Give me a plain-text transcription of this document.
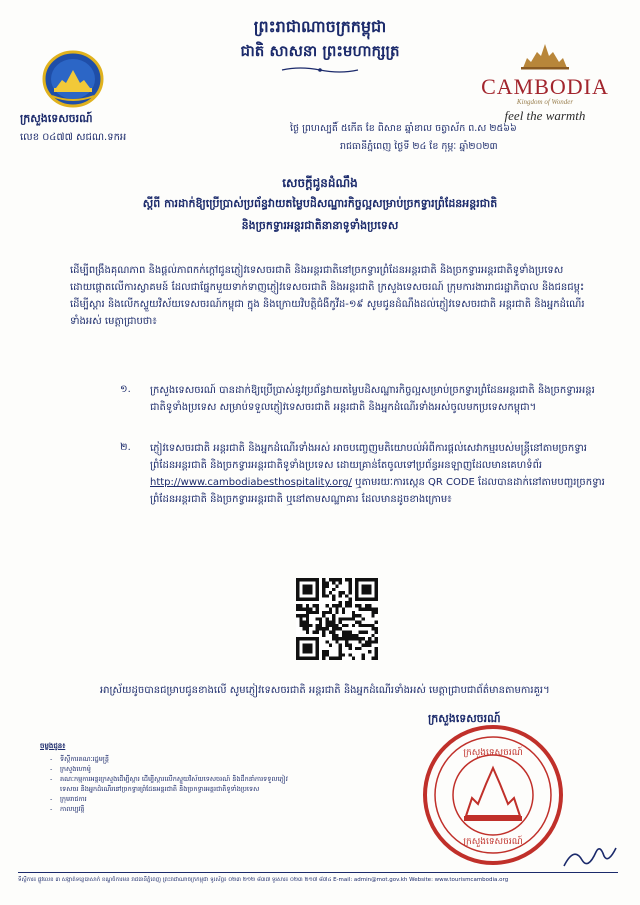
ក្រសួងទេសចរណ៍
លេខ ០៤៧៧ សជណ.ទកអ
ព្រះរាជាណាចក្រកម្ពុជា
ជាតិ សាសនា ព្រះមហាក្សត្រ
CAMBODIA
Kingdom of Wonder
feel the warmth
ថ្ងៃ ព្រហស្បតិ៍ ៥កើត ខែ ពិសាខ ឆ្នាំខាល ចត្វាស័ក ព.ស ២៥៦៦
រាជធានីភ្នំពេញ ថ្ងៃទី ២៤ ខែ កុម្ភៈ ឆ្នាំ២០២៣
សេចក្តីជូនដំណឹង
ស្តីពី ការដាក់ឱ្យប្រើប្រាស់ប្រព័ន្ធវាយតម្លៃបដិសណ្ឋារកិច្ចល្អសម្រាប់ច្រកទ្វារព្រំដែនអន្តរជាតិ
និងច្រកទ្វារអន្តរជាតិនានាទូទាំងប្រទេស
ដើម្បីពង្រឹងគុណភាព និងផ្តល់ភាពកក់ក្តៅជូនភ្ញៀវទេសចរជាតិ និងអន្តរជាតិនៅច្រកទ្វារព្រំដែនអន្តរជាតិ និងច្រកទ្វារអន្តរជាតិទូទាំងប្រទេស ដោយផ្តោតលើការស្វាគមន៍ ដែលជាផ្នែកមួយទាក់ទាញភ្ញៀវទេសចរជាតិ និងអន្តរជាតិ ក្រសួងទេសចរណ៍ ក្រុមការងាររាជរដ្ឋាភិបាល និងជនជម្ពុះដើម្បីស្តារ និងលើកស្ទួយវិស័យទេសចរណ៍កម្ពុជា ក្នុង និងក្រោយវិបត្តិជំងឺកូវីដ-១៩ សូមជូនដំណឹងដល់ភ្ញៀវទេសចរជាតិ អន្តរជាតិ និងអ្នកដំណើរទាំងអស់ មេត្តាជ្រាបថា៖
១. ក្រសួងទេសចរណ៍ បានដាក់ឱ្យប្រើប្រាស់នូវប្រព័ន្ធវាយតម្លៃបដិសណ្ឋារកិច្ចល្អសម្រាប់ច្រកទ្វារព្រំដែនអន្តរជាតិ និងច្រកទ្វារអន្តរជាតិទូទាំងប្រទេស សម្រាប់ទទួលភ្ញៀវទេសចរជាតិ អន្តរជាតិ និងអ្នកដំណើរទាំងអស់ចូលមកប្រទេសកម្ពុជា។
២. ភ្ញៀវទេសចរជាតិ អន្តរជាតិ និងអ្នកដំណើរទាំងអស់ អាចបញ្ចេញមតិយោបល់អំពីការផ្តល់សេវាកម្មរបស់មន្ត្រីនៅតាមច្រកទ្វារព្រំដែនអន្តរជាតិ និងច្រកទ្វារអន្តរជាតិទូទាំងប្រទេស ដោយគ្រាន់តែចូលទៅប្រព័ន្ធអនឡាញដែលមានគេហទំព័រ http://www.cambodiabesthospitality.org/ ឬតាមរយៈការស្កេន QR CODE ដែលបានដាក់នៅតាមបញ្ជរច្រកទ្វារព្រំដែនអន្តរជាតិ និងច្រកទ្វារអន្តរជាតិ ឬនៅតាមសណ្ឋាគារ ដែលមានដូចខាងក្រោម៖
អាស្រ័យដូចបានជម្រាបជូនខាងលើ សូមភ្ញៀវទេសចរជាតិ អន្តរជាតិ និងអ្នកដំណើរទាំងអស់ មេត្តាជ្រាបជាព័ត៌មានតាមការគួរ។
ក្រសួងទេសចរណ៍
ក្រសួងទេសចរណ៍
ក្រសួងទេសចរណ៍
ចម្លងជូន៖
- ទីស្តីការគណៈរដ្ឋមន្ត្រី
- ក្រសួងហោម៉ូ
- គណៈកម្មការអន្តរក្រសួងដើម្បីស្តារ ដើម្បីស្តារលើកស្ទួយវិស័យទេសចរណ៍ និងដឹកនាំការទទួលភ្ញៀវទេសចរ និងអ្នកដំណើរនៅច្រកទ្វារព្រំដែនអន្តរជាតិ និងច្រកទ្វារអន្តរជាតិទូទាំងប្រទេស
- ក្រុមរាជការ
- កាលប្បវត្តិ
ទីស្តីការ៖ ផ្លូវលេខ ៣ សង្កាត់ទន្លេបាសាក់ ខណ្ឌចំការមន រាជធានីភ្នំពេញ ព្រះរាជាណាចក្រកម្ពុជា ទូរស័ព្ទ៖ ០២៣ ២១២ ៨៣៧ ទូរសារ៖ ០២៣ ២១៧ ៨៧៤ E-mail: admin@mot.gov.kh Website: www.tourismcambodia.org
